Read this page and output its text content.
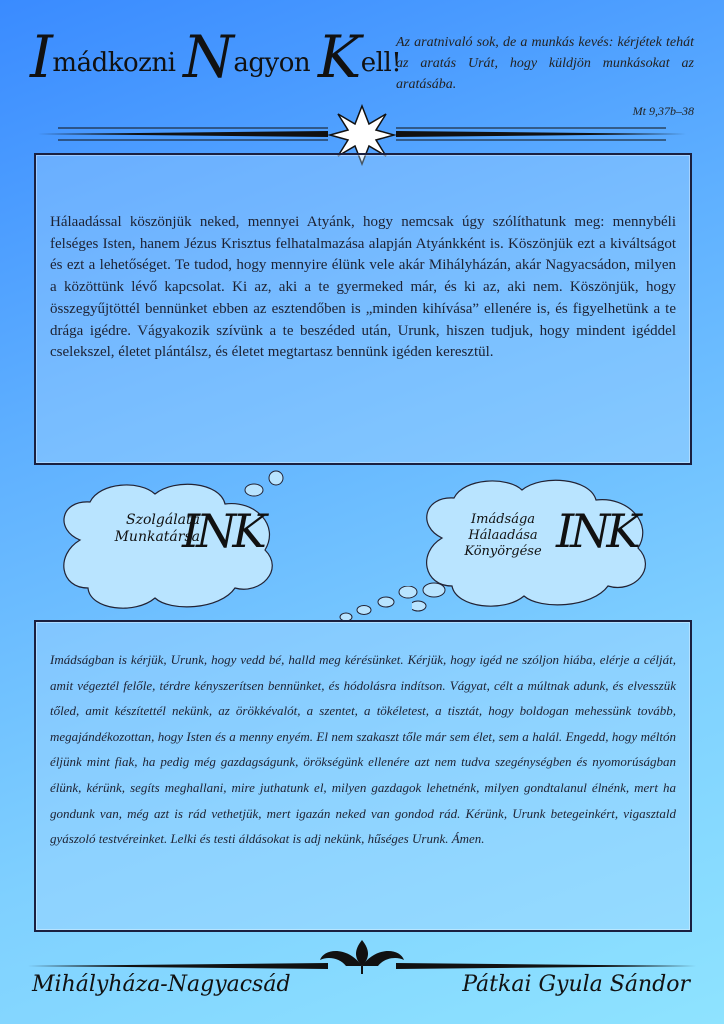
Imádkozni Nagyon Kell!
Az aratnivaló sok, de a munkás kevés: kérjétek tehát az aratás Urát, hogy küldjön munkásokat az aratásába.
Mt 9,37b–38
Hálaadással köszönjük neked, mennyei Atyánk, hogy nemcsak úgy szólíthatunk meg: mennybéli felséges Isten, hanem Jézus Krisztus felhatalmazása alapján Atyánkként is. Köszönjük ezt a kiváltságot és ezt a lehetőséget. Te tudod, hogy mennyire élünk vele akár Mihályházán, akár Nagyacsádon, milyen a közöttünk lévő kapcsolat. Ki az, aki a te gyermeked már, és ki az, aki nem. Köszönjük, hogy összegyűjtöttél bennünket ebben az esztendőben is „minden kihívása” ellenére is, és figyelhetünk a te drága igédre. Vágyakozik szívünk a te beszéded után, Urunk, hiszen tudjuk, hogy mindent igéddel cselekszel, életet plántálsz, és életet megtartasz bennünk igéden keresztül.
Szolgálata
Munkatársa
INK	Imádsága
Hálaadása
Könyörgése INK
Imádságban is kérjük, Urunk, hogy vedd bé, halld meg kérésünket. Kérjük, hogy igéd ne szóljon hiába, elérje a célját, amit végeztél felőle, térdre kényszerítsen bennünket, és hódolásra indítson. Vágyat, célt a múltnak adunk, és elvesszük tőled, amit készítettél nekünk, az örökkévalót, a szentet, a tökéletest, a tisztát, hogy boldogan mehessünk tovább, megajándékozottan, hogy Isten és a menny enyém. El nem szakaszt tőle már sem élet, sem a halál. Engedd, hogy méltón éljünk mint fiak, ha pedig még gazdagságunk, örökségünk ellenére azt nem tudva szegénységben és nyomorúságban élünk, kérünk, segíts meghallani, mire juthatunk el, milyen gazdagok lehetnénk, milyen gondtalanul élnénk, mert ha gondunk van, még azt is rád vethetjük, mert igazán neked van gondod rád. Kérünk, Urunk betegeinkért, vigasztald gyászoló testvéreinket. Lelki és testi áldásokat is adj nekünk, hűséges Urunk. Ámen.
Mihályháza-Nagyacsád	Pátkai Gyula Sándor
